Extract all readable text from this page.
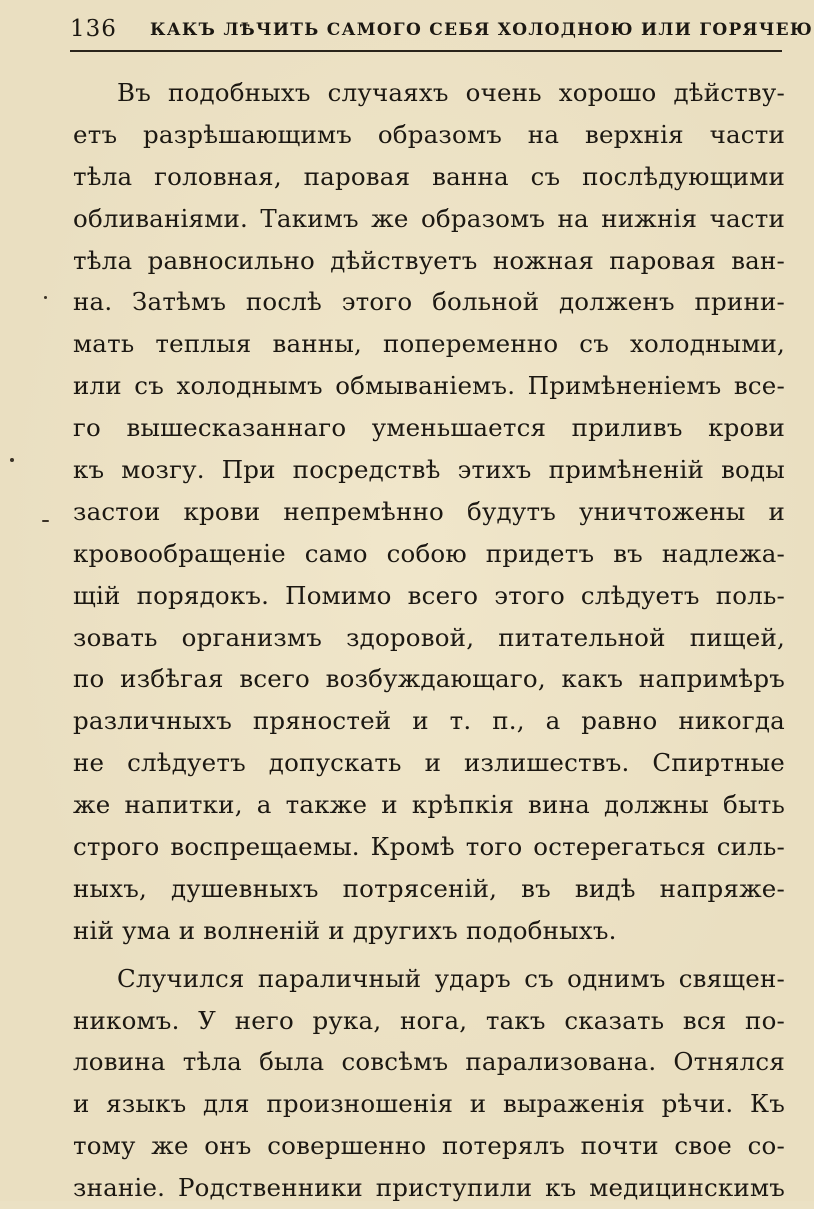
136 КАКЪ ЛѢЧИТЬ САМОГО СЕБЯ ХОЛОДНОЮ ИЛИ ГОРЯЧЕЮ
Въ подобныхъ случаяхъ очень хорошо дѣйству-
етъ разрѣшающимъ образомъ на верхнія части
тѣла головная, паровая ванна съ послѣдующими
обливаніями. Такимъ же образомъ на нижнія части
тѣла равносильно дѣйствуетъ ножная паровая ван-
на. Затѣмъ послѣ этого больной долженъ прини-
мать теплыя ванны, попеременно съ холодными,
или съ холоднымъ обмываніемъ. Примѣненіемъ все-
го вышесказаннаго уменьшается приливъ крови
къ мозгу. При посредствѣ этихъ примѣненій воды
застои крови непремѣнно будутъ уничтожены и
кровообращеніе само собою придетъ въ надлежа-
щій порядокъ. Помимо всего этого слѣдуетъ поль-
зовать организмъ здоровой, питательной пищей,
по избѣгая всего возбуждающаго, какъ напримѣръ
различныхъ пряностей и т. п., а равно никогда
не слѣдуетъ допускать и излишествъ. Спиртные
же напитки, а также и крѣпкія вина должны быть
строго воспрещаемы. Кромѣ того остерегаться силь-
ныхъ, душевныхъ потрясеній, въ видѣ напряже-
ній ума и волненій и другихъ подобныхъ.
Случился параличный ударъ съ однимъ священ-
никомъ. У него рука, нога, такъ сказать вся по-
ловина тѣла была совсѣмъ парализована. Отнялся
и языкъ для произношенія и выраженія рѣчи. Къ
тому же онъ совершенно потерялъ почти свое со-
знаніе. Родственники приступили къ медицинскимъ
